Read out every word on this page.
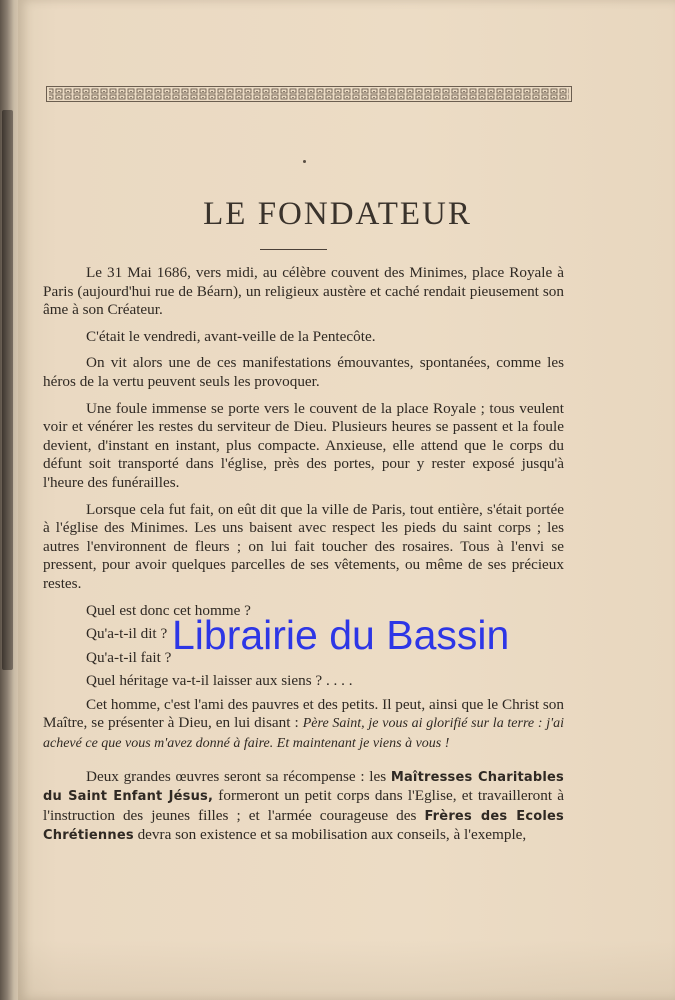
LE FONDATEUR

Le 31 Mai 1686, vers midi, au célèbre couvent des Minimes, place Royale à Paris (aujourd'hui rue de Béarn), un religieux austère et caché rendait pieusement son âme à son Créateur.

C'était le vendredi, avant-veille de la Pentecôte.

On vit alors une de ces manifestations émouvantes, spontanées, comme les héros de la vertu peuvent seuls les provoquer.

Une foule immense se porte vers le couvent de la place Royale ; tous veulent voir et vénérer les restes du serviteur de Dieu. Plusieurs heures se passent et la foule devient, d'instant en instant, plus compacte. Anxieuse, elle attend que le corps du défunt soit transporté dans l'église, près des portes, pour y rester exposé jusqu'à l'heure des funérailles.

Lorsque cela fut fait, on eût dit que la ville de Paris, tout entière, s'était portée à l'église des Minimes. Les uns baisent avec respect les pieds du saint corps ; les autres l'environnent de fleurs ; on lui fait toucher des rosaires. Tous à l'envi se pressent, pour avoir quelques parcelles de ses vêtements, ou même de ses précieux restes.

Quel est donc cet homme ?

Qu'a-t-il dit ?

Qu'a-t-il fait ?

Quel héritage va-t-il laisser aux siens ? . . . .

Cet homme, c'est l'ami des pauvres et des petits. Il peut, ainsi que le Christ son Maître, se présenter à Dieu, en lui disant : Père Saint, je vous ai glorifié sur la terre : j'ai achevé ce que vous m'avez donné à faire. Et maintenant je viens à vous !

Deux grandes œuvres seront sa récompense : les Maîtresses Charitables du Saint Enfant Jésus, formeront un petit corps dans l'Eglise, et travailleront à l'instruction des jeunes filles ; et l'armée courageuse des Frères des Ecoles Chrétiennes devra son existence et sa mobilisation aux conseils, à l'exemple,

Librairie du Bassin
